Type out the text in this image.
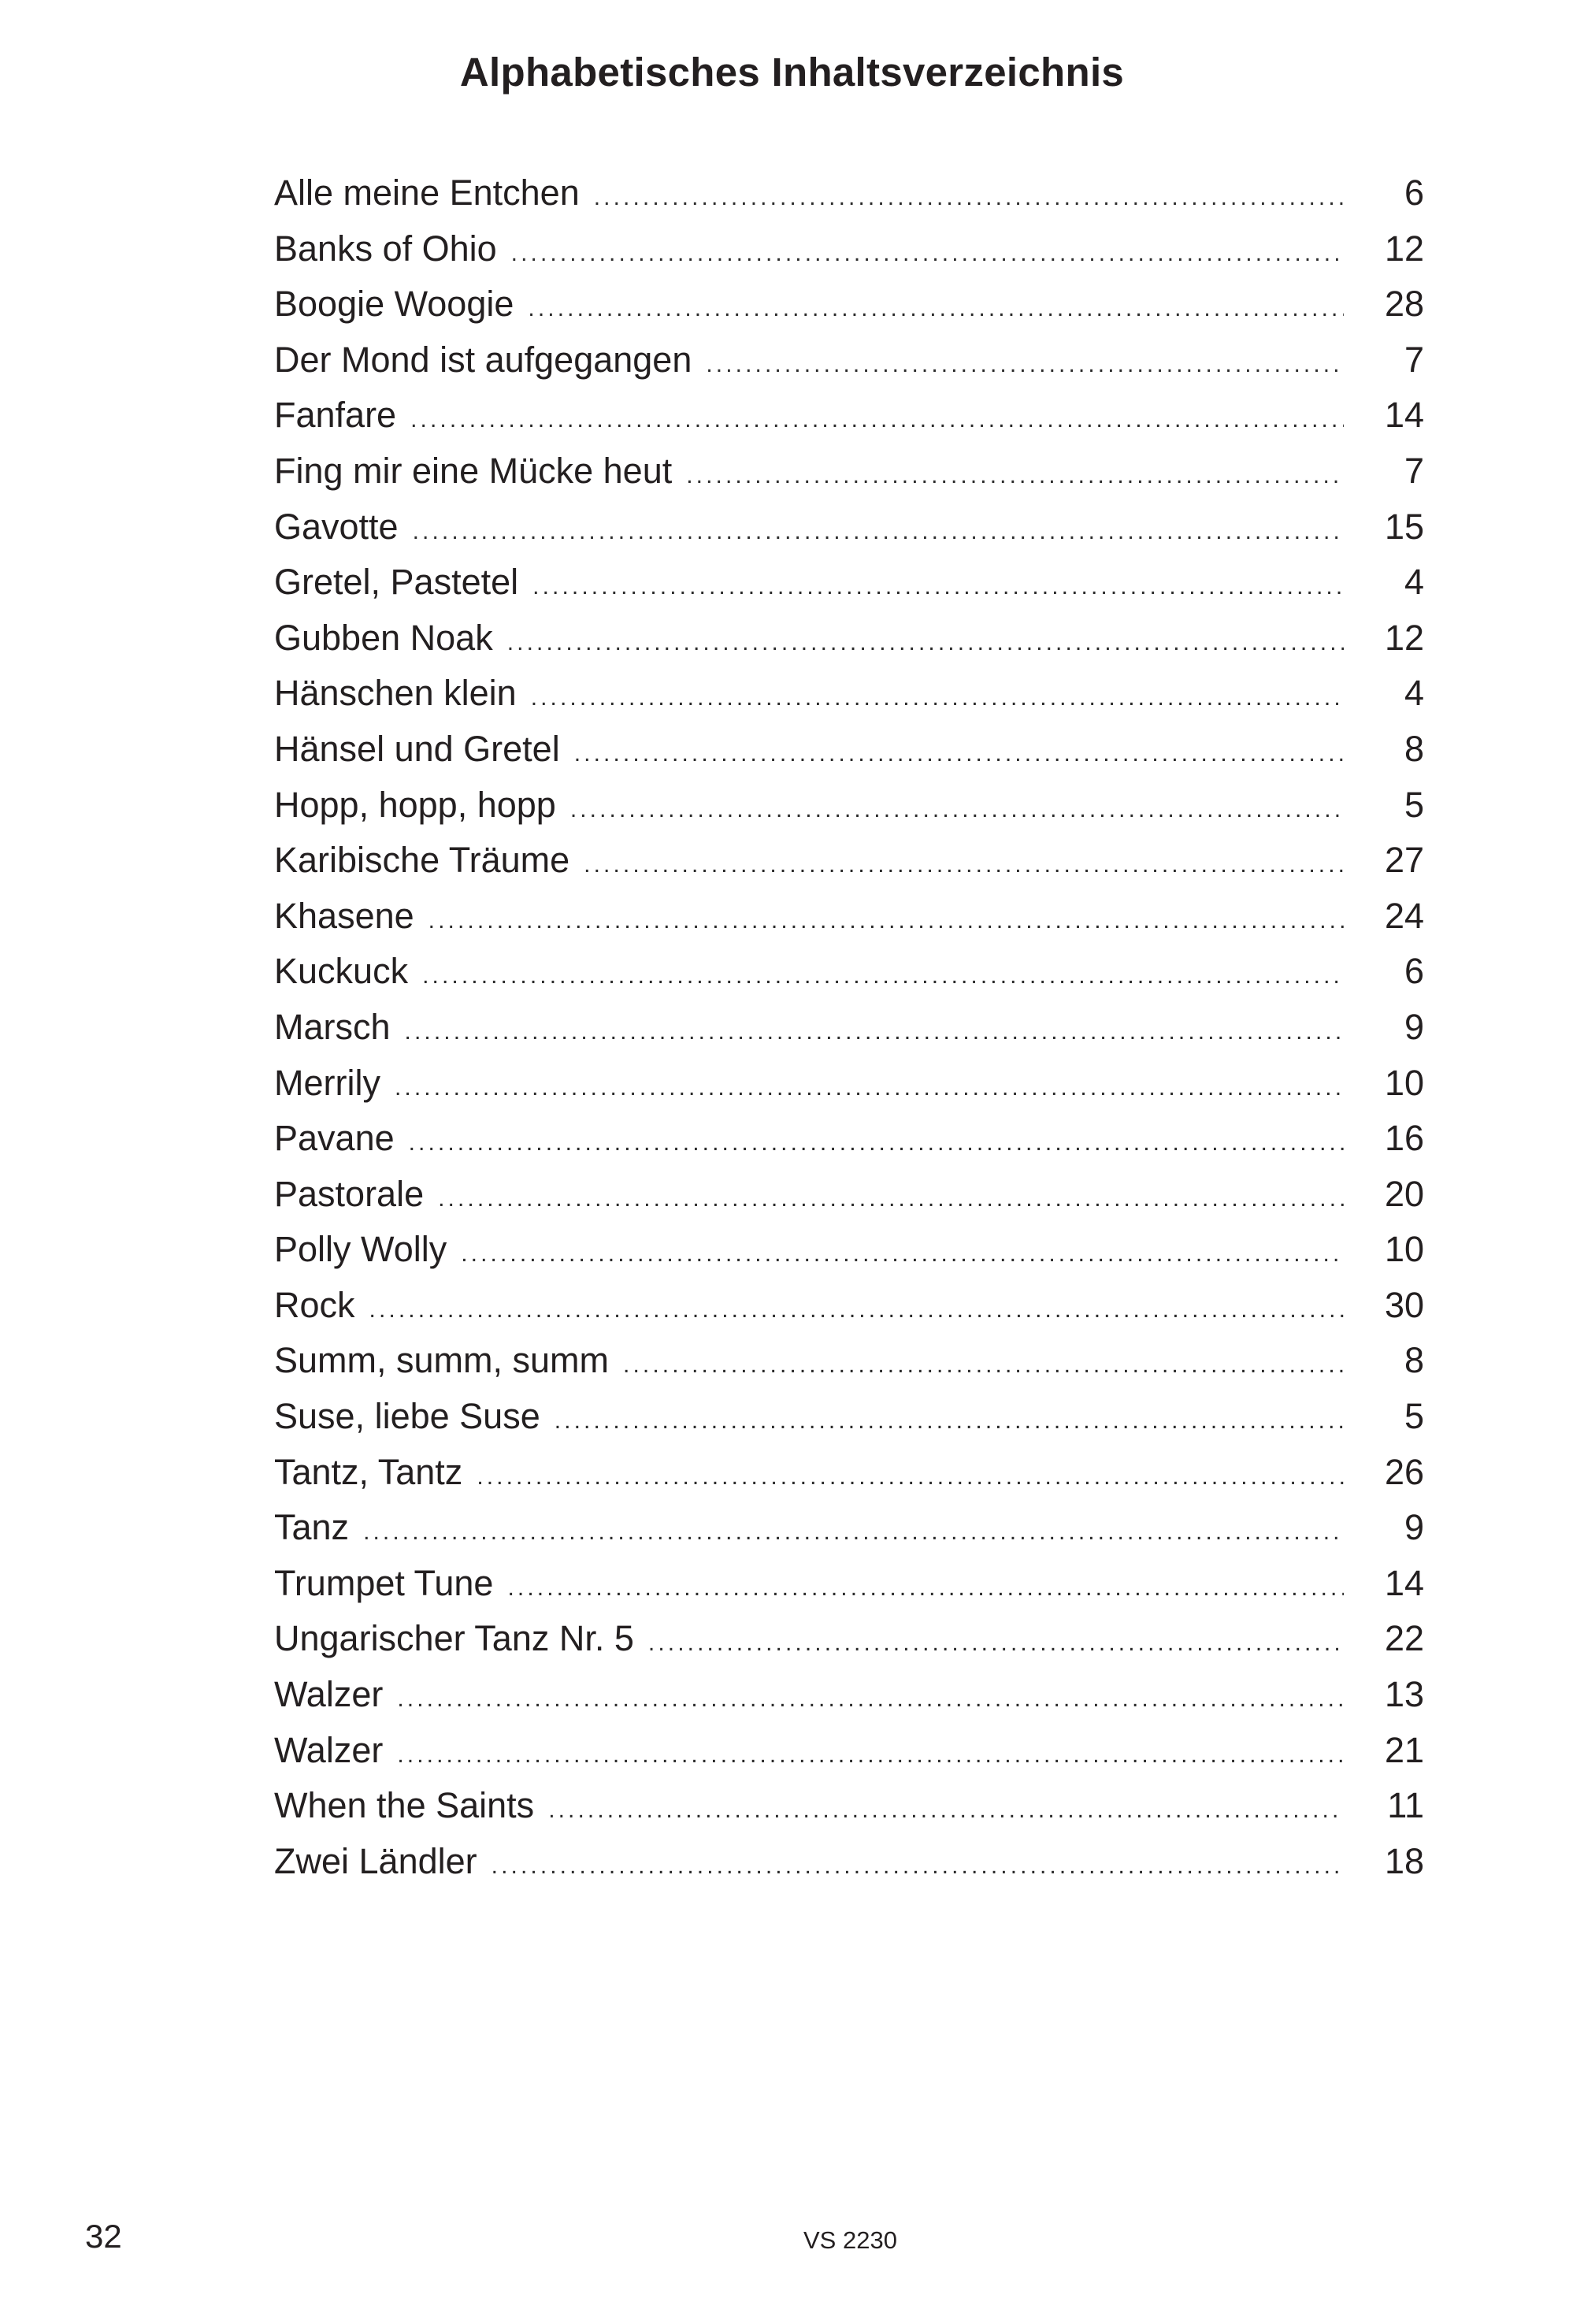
Alphabetisches Inhaltsverzeichnis
Alle meine Entchen .....	6
Banks of Ohio .....	12
Boogie Woogie .....	28
Der Mond ist aufgegangen .....	7
Fanfare .....	14
Fing mir eine Mücke heut .....	7
Gavotte .....	15
Gretel, Pastetel .....	4
Gubben Noak .....	12
Hänschen klein .....	4
Hänsel und Gretel .....	8
Hopp, hopp, hopp .....	5
Karibische Träume .....	27
Khasene .....	24
Kuckuck .....	6
Marsch .....	9
Merrily .....	10
Pavane .....	16
Pastorale .....	20
Polly Wolly .....	10
Rock .....	30
Summ, summ, summ .....	8
Suse, liebe Suse .....	5
Tantz, Tantz .....	26
Tanz .....	9
Trumpet Tune .....	14
Ungarischer Tanz Nr. 5 .....	22
Walzer .....	13
Walzer .....	21
When the Saints .....	11
Zwei Ländler .....	18
32	VS 2230
